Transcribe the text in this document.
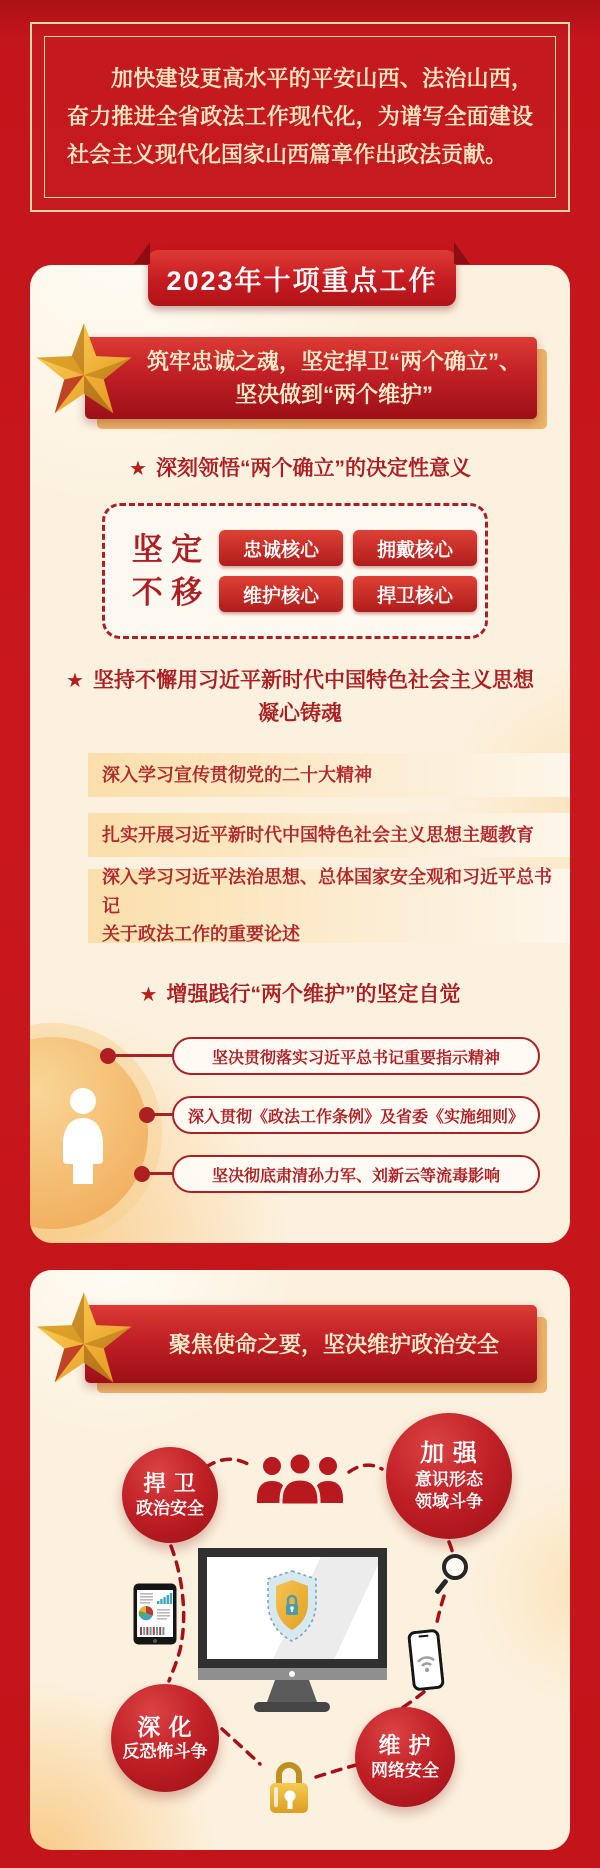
加快建设更高水平的平安山西、法治山西，奋力推进全省政法工作现代化，为谱写全面建设社会主义现代化国家山西篇章作出政法贡献。
2023年十项重点工作
筑牢忠诚之魂，坚定捍卫“两个确立”、
坚决做到“两个维护”
★ 深刻领悟“两个确立”的决定性意义
坚 定
不 移
忠诚核心	拥戴核心
维护核心	捍卫核心
★ 坚持不懈用习近平新时代中国特色社会主义思想
凝心铸魂
深入学习宣传贯彻党的二十大精神
扎实开展习近平新时代中国特色社会主义思想主题教育
深入学习习近平法治思想、总体国家安全观和习近平总书记
关于政法工作的重要论述
★ 增强践行“两个维护”的坚定自觉
坚决贯彻落实习近平总书记重要指示精神
深入贯彻《政法工作条例》及省委《实施细则》
坚决彻底肃清孙力军、刘新云等流毒影响
聚焦使命之要，坚决维护政治安全
捍 卫
政治安全
加 强
意识形态
领域斗争
深 化
反恐怖斗争	维 护
网络安全
